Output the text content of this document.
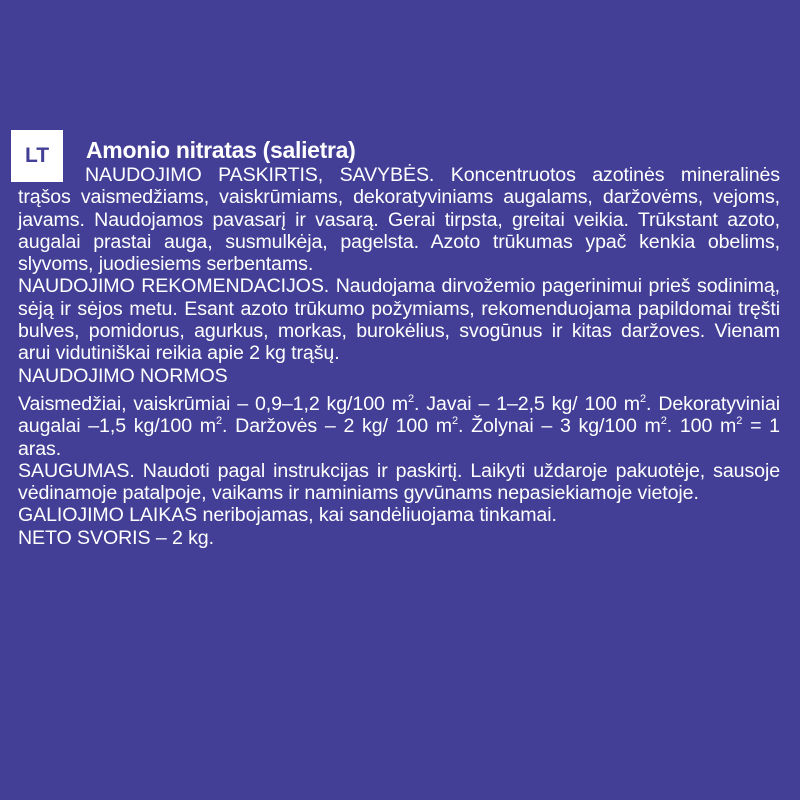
LT	Amonio nitratas (salietra)

NAUDOJIMO PASKIRTIS, SAVYBĖS. Koncentruotos azotinės mineralinės trąšos vaismedžiams, vaiskrūmiams, dekoratyviniams augalams, daržovėms, vejoms, javams. Naudojamos pavasarį ir vasarą. Gerai tirpsta, greitai veikia. Trūkstant azoto, augalai prastai auga, susmulkėja, pagelsta. Azoto trūkumas ypač kenkia obelims, slyvoms, juodiesiems serbentams.

NAUDOJIMO REKOMENDACIJOS. Naudojama dirvožemio pagerinimui prieš sodinimą, sėją ir sėjos metu. Esant azoto trūkumo požymiams, rekomenduojama papildomai tręšti bulves, pomidorus, agurkus, morkas, burokėlius, svogūnus ir kitas daržoves. Vienam arui vidutiniškai reikia apie 2 kg trąšų.

NAUDOJIMO NORMOS

Vaismedžiai, vaiskrūmiai – 0,9–1,2 kg/100 $m^2$. Javai – 1–2,5 kg/ 100 $m^2$. Dekoratyviniai augalai –1,5 kg/100 $m^2$. Daržovės – 2 kg/ 100 $m^2$. Žolynai – 3 kg/100 $m^2$. 100 $m^2 = 1$ aras.

SAUGUMAS. Naudoti pagal instrukcijas ir paskirtį. Laikyti uždaroje pakuotėje, sausoje vėdinamoje patalpoje, vaikams ir naminiams gyvūnams nepasiekiamoje vietoje.

GALIOJIMO LAIKAS neribojamas, kai sandėliuojama tinkamai.

NETO SVORIS – 2 kg.
